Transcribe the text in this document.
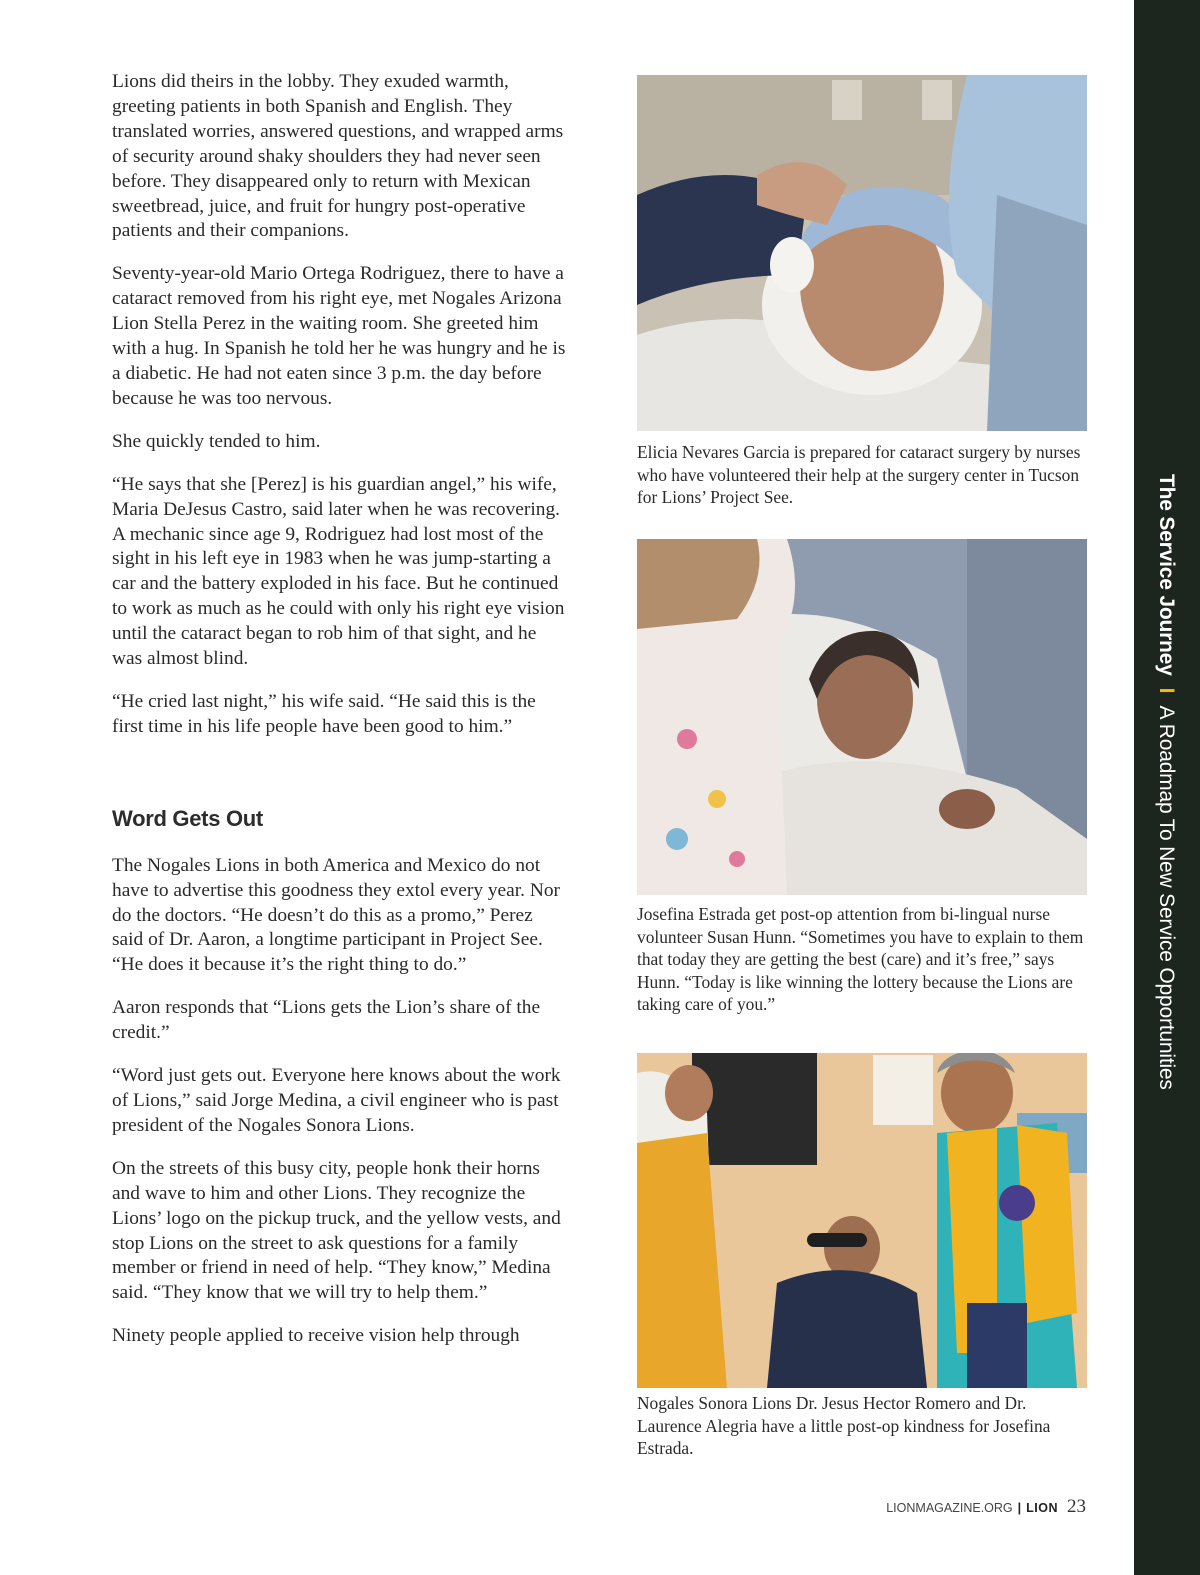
Lions did theirs in the lobby. They exuded warmth, greeting patients in both Spanish and English. They translated worries, answered questions, and wrapped arms of security around shaky shoulders they had never seen before. They disappeared only to return with Mexican sweetbread, juice, and fruit for hungry post-operative patients and their companions.

Seventy-year-old Mario Ortega Rodriguez, there to have a cataract removed from his right eye, met Nogales Arizona Lion Stella Perez in the waiting room. She greeted him with a hug. In Spanish he told her he was hungry and he is a diabetic. He had not eaten since 3 p.m. the day before because he was too nervous.

She quickly tended to him.

“He says that she [Perez] is his guardian angel,” his wife, Maria DeJesus Castro, said later when he was recovering. A mechanic since age 9, Rodriguez had lost most of the sight in his left eye in 1983 when he was jump-starting a car and the battery exploded in his face. But he continued to work as much as he could with only his right eye vision until the cataract began to rob him of that sight, and he was almost blind.

“He cried last night,” his wife said. “He said this is the first time in his life people have been good to him.”

Word Gets Out

The Nogales Lions in both America and Mexico do not have to advertise this goodness they extol every year. Nor do the doctors. “He doesn’t do this as a promo,” Perez said of Dr. Aaron, a longtime participant in Project See. “He does it because it’s the right thing to do.”

Aaron responds that “Lions gets the Lion’s share of the credit.”

“Word just gets out. Everyone here knows about the work of Lions,” said Jorge Medina, a civil engineer who is past president of the Nogales Sonora Lions.

On the streets of this busy city, people honk their horns and wave to him and other Lions. They recognize the Lions’ logo on the pickup truck, and the yellow vests, and stop Lions on the street to ask questions for a family member or friend in need of help. “They know,” Medina said. “They know that we will try to help them.”

Ninety people applied to receive vision help through

Elicia Nevares Garcia is prepared for cataract surgery by nurses who have volunteered their help at the surgery center in Tucson for Lions’ Project See.

Josefina Estrada get post-op attention from bi-lingual nurse volunteer Susan Hunn. “Sometimes you have to explain to them that today they are getting the best (care) and it’s free,” says Hunn. “Today is like winning the lottery because the Lions are taking care of you.”

Nogales Sonora Lions Dr. Jesus Hector Romero and Dr. Laurence Alegria have a little post-op kindness for Josefina Estrada.

The Service JourneyIA Roadmap To New Service Opportunities
LIONMAGAZINE.ORG | LION 23
